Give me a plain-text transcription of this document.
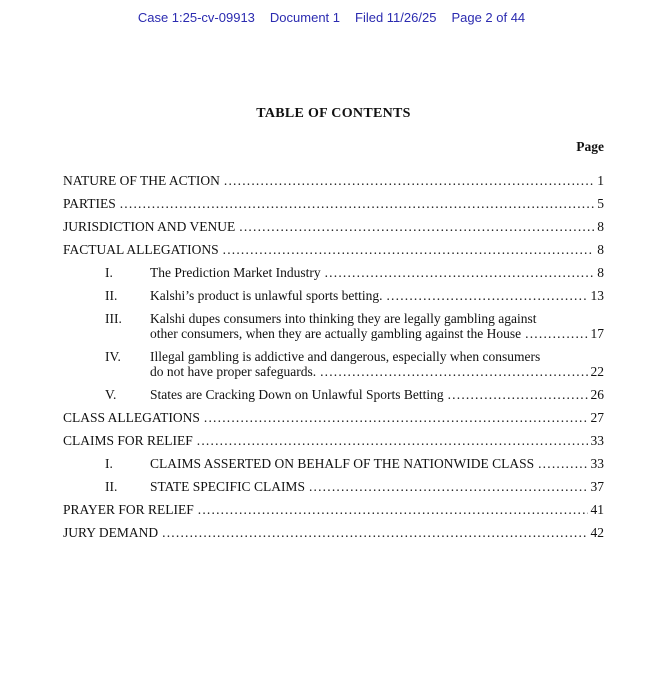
Case 1:25-cv-09913 Document 1 Filed 11/26/25 Page 2 of 44
TABLE OF CONTENTS
Page
NATURE OF THE ACTION .....	1
PARTIES .....	5
JURISDICTION AND VENUE .....	8
FACTUAL ALLEGATIONS .....	8
I.	The Prediction Market Industry .....	8
II.	Kalshi’s product is unlawful sports betting. .....	13
III.	Kalshi dupes consumers into thinking they are legally gambling against
other consumers, when they are actually gambling against the House .....	17
IV.	Illegal gambling is addictive and dangerous, especially when consumers
do not have proper safeguards. .....	22
V.	States are Cracking Down on Unlawful Sports Betting .....	26
CLASS ALLEGATIONS .....	27
CLAIMS FOR RELIEF .....	33
I.	CLAIMS ASSERTED ON BEHALF OF THE NATIONWIDE CLASS .....	33
II.	STATE SPECIFIC CLAIMS .....	37
PRAYER FOR RELIEF .....	41
JURY DEMAND .....	42
